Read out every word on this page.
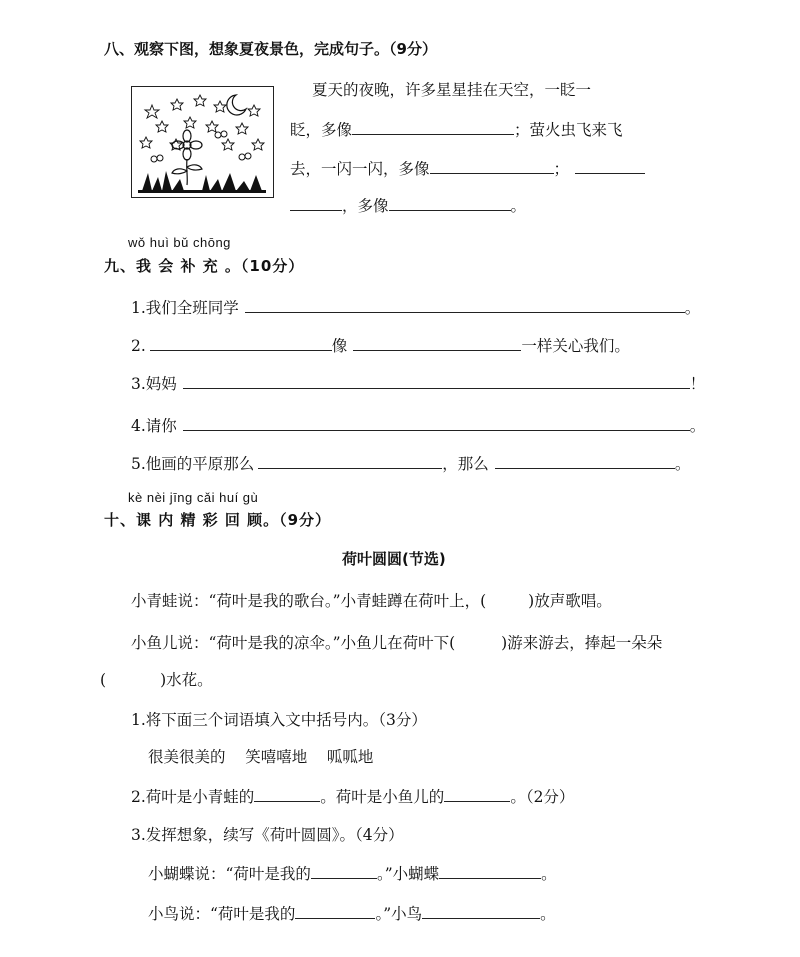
八、观察下图，想象夏夜景色，完成句子。（9分）
夏天的夜晚，许多星星挂在天空，一眨一
眨，多像	；萤火虫飞来飞
去，一闪一闪，多像	；
，多像	。
wǒ huì bǔ chōng
九、我 会 补 充 。（10分）
1.我们全班同学	。
2.	像	一样关心我们。
3.妈妈	！
4.请你	。
5.他画的平原那么	，那么	。
kè nèi jīng cǎi huí gù
十、课 内 精 彩 回 顾。（9分）
荷叶圆圆(节选)
小青蛙说：“荷叶是我的歌台。”小青蛙蹲在荷叶上，(	)放声歌唱。
小鱼儿说：“荷叶是我的凉伞。”小鱼儿在荷叶下(	)游来游去，捧起一朵朵
(	)水花。
1.将下面三个词语填入文中括号内。（3分）
很美很美的    笑嘻嘻地    呱呱地
2.荷叶是小青蛙的	。荷叶是小鱼儿的	。（2分）
3.发挥想象，续写《荷叶圆圆》。（4分）
小蝴蝶说：“荷叶是我的	。”小蝴蝶	。
小鸟说：“荷叶是我的	。”小鸟	。
